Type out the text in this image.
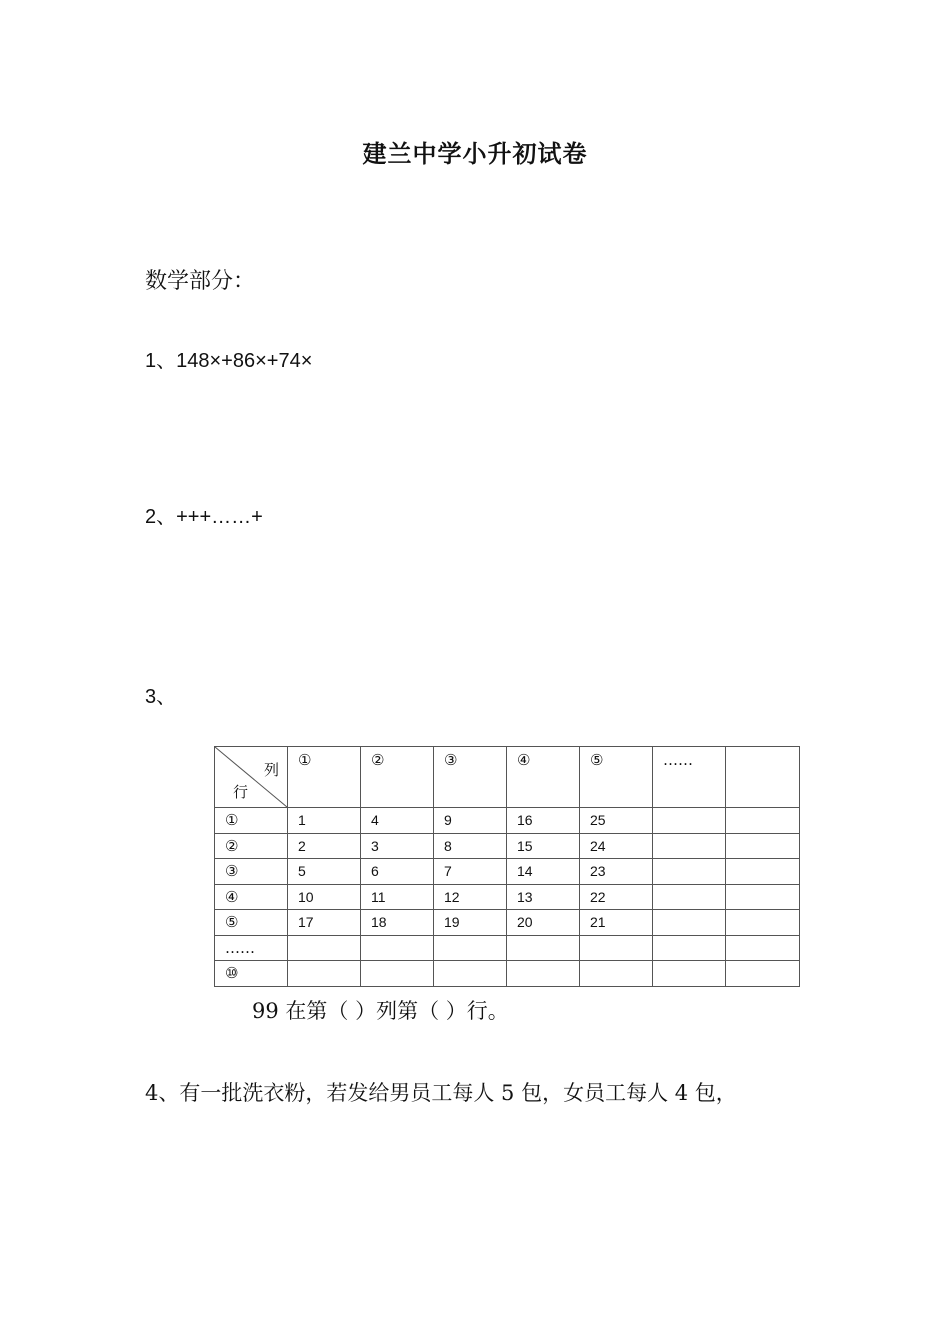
建兰中学小升初试卷
数学部分：
1、148×+86×+74×
2、+++……+
3、
列
行	①	②	③	④	⑤	……	
①	1	4	9	16	25		
②	2	3	8	15	24		
③	5	6	7	14	23		
④	10	11	12	13	22		
⑤	17	18	19	20	21		
……							
⑩							
99 在第（ ）列第（ ）行。
4、有一批洗衣粉，若发给男员工每人 5 包，女员工每人 4 包，
